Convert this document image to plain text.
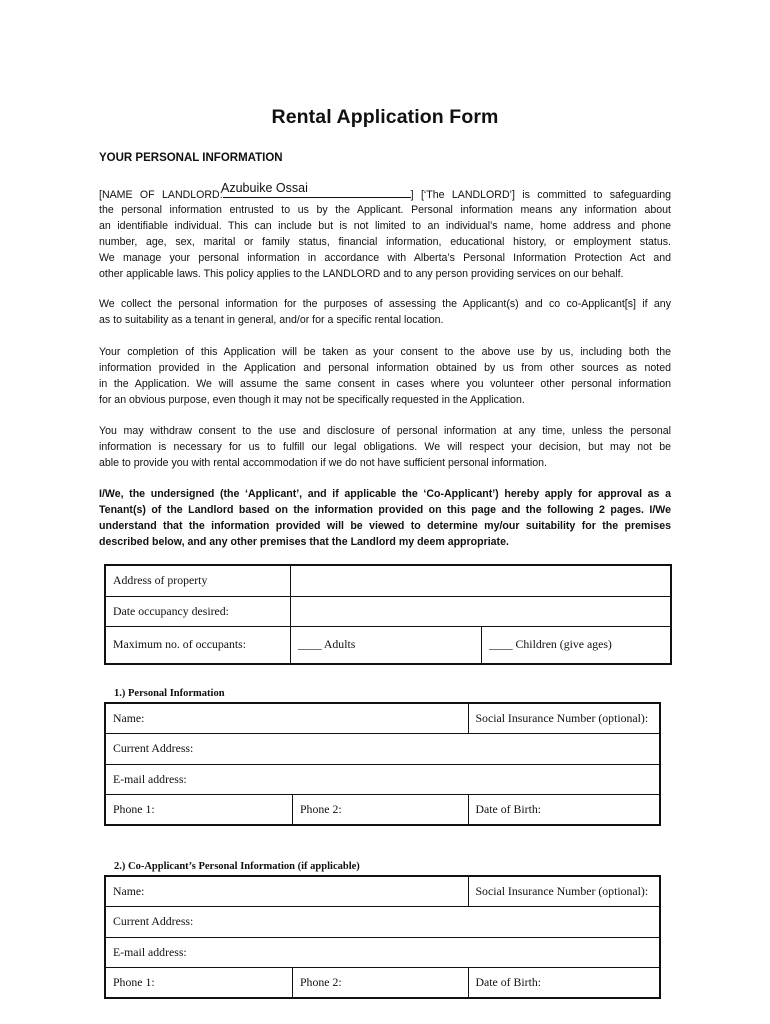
Rental Application Form
YOUR PERSONAL INFORMATION
[NAME OF LANDLORD:	] [‘The LANDLORD’] is committed to safeguarding
Azubuike Ossai
the personal information entrusted to us by the Applicant. Personal information means any information about
an identifiable individual. This can include but is not limited to an individual’s name, home address and phone
number, age, sex, marital or family status, financial information, educational history, or employment status.
We manage your personal information in accordance with Alberta’s Personal Information Protection Act and
other applicable laws. This policy applies to the LANDLORD and to any person providing services on our behalf.
We collect the personal information for the purposes of assessing the Applicant(s) and co co-Applicant[s] if any
as to suitability as a tenant in general, and/or for a specific rental location.
Your completion of this Application will be taken as your consent to the above use by us, including both the
information provided in the Application and personal information obtained by us from other sources as noted
in the Application. We will assume the same consent in cases where you volunteer other personal information
for an obvious purpose, even though it may not be specifically requested in the Application.
You may withdraw consent to the use and disclosure of personal information at any time, unless the personal
information is necessary for us to fulfill our legal obligations. We will respect your decision, but may not be
able to provide you with rental accommodation if we do not have sufficient personal information.
I/We, the undersigned (the ‘Applicant’, and if applicable the ‘Co-Applicant’) hereby apply for approval as a
Tenant(s) of the Landlord based on the information provided on this page and the following 2 pages. I/We
understand that the information provided will be viewed to determine my/our suitability for the premises
described below, and any other premises that the Landlord my deem appropriate.
Address of property		
Date occupancy desired:		
Maximum no. of occupants:	____ Adults	____ Children (give ages)
1.) Personal Information
Name:		Social Insurance Number (optional):
Current Address:		
E-mail address:		
Phone 1:	Phone 2:	Date of Birth:
2.) Co-Applicant’s Personal Information (if applicable)
Name:		Social Insurance Number (optional):
Current Address:		
E-mail address:		
Phone 1:	Phone 2:	Date of Birth:
